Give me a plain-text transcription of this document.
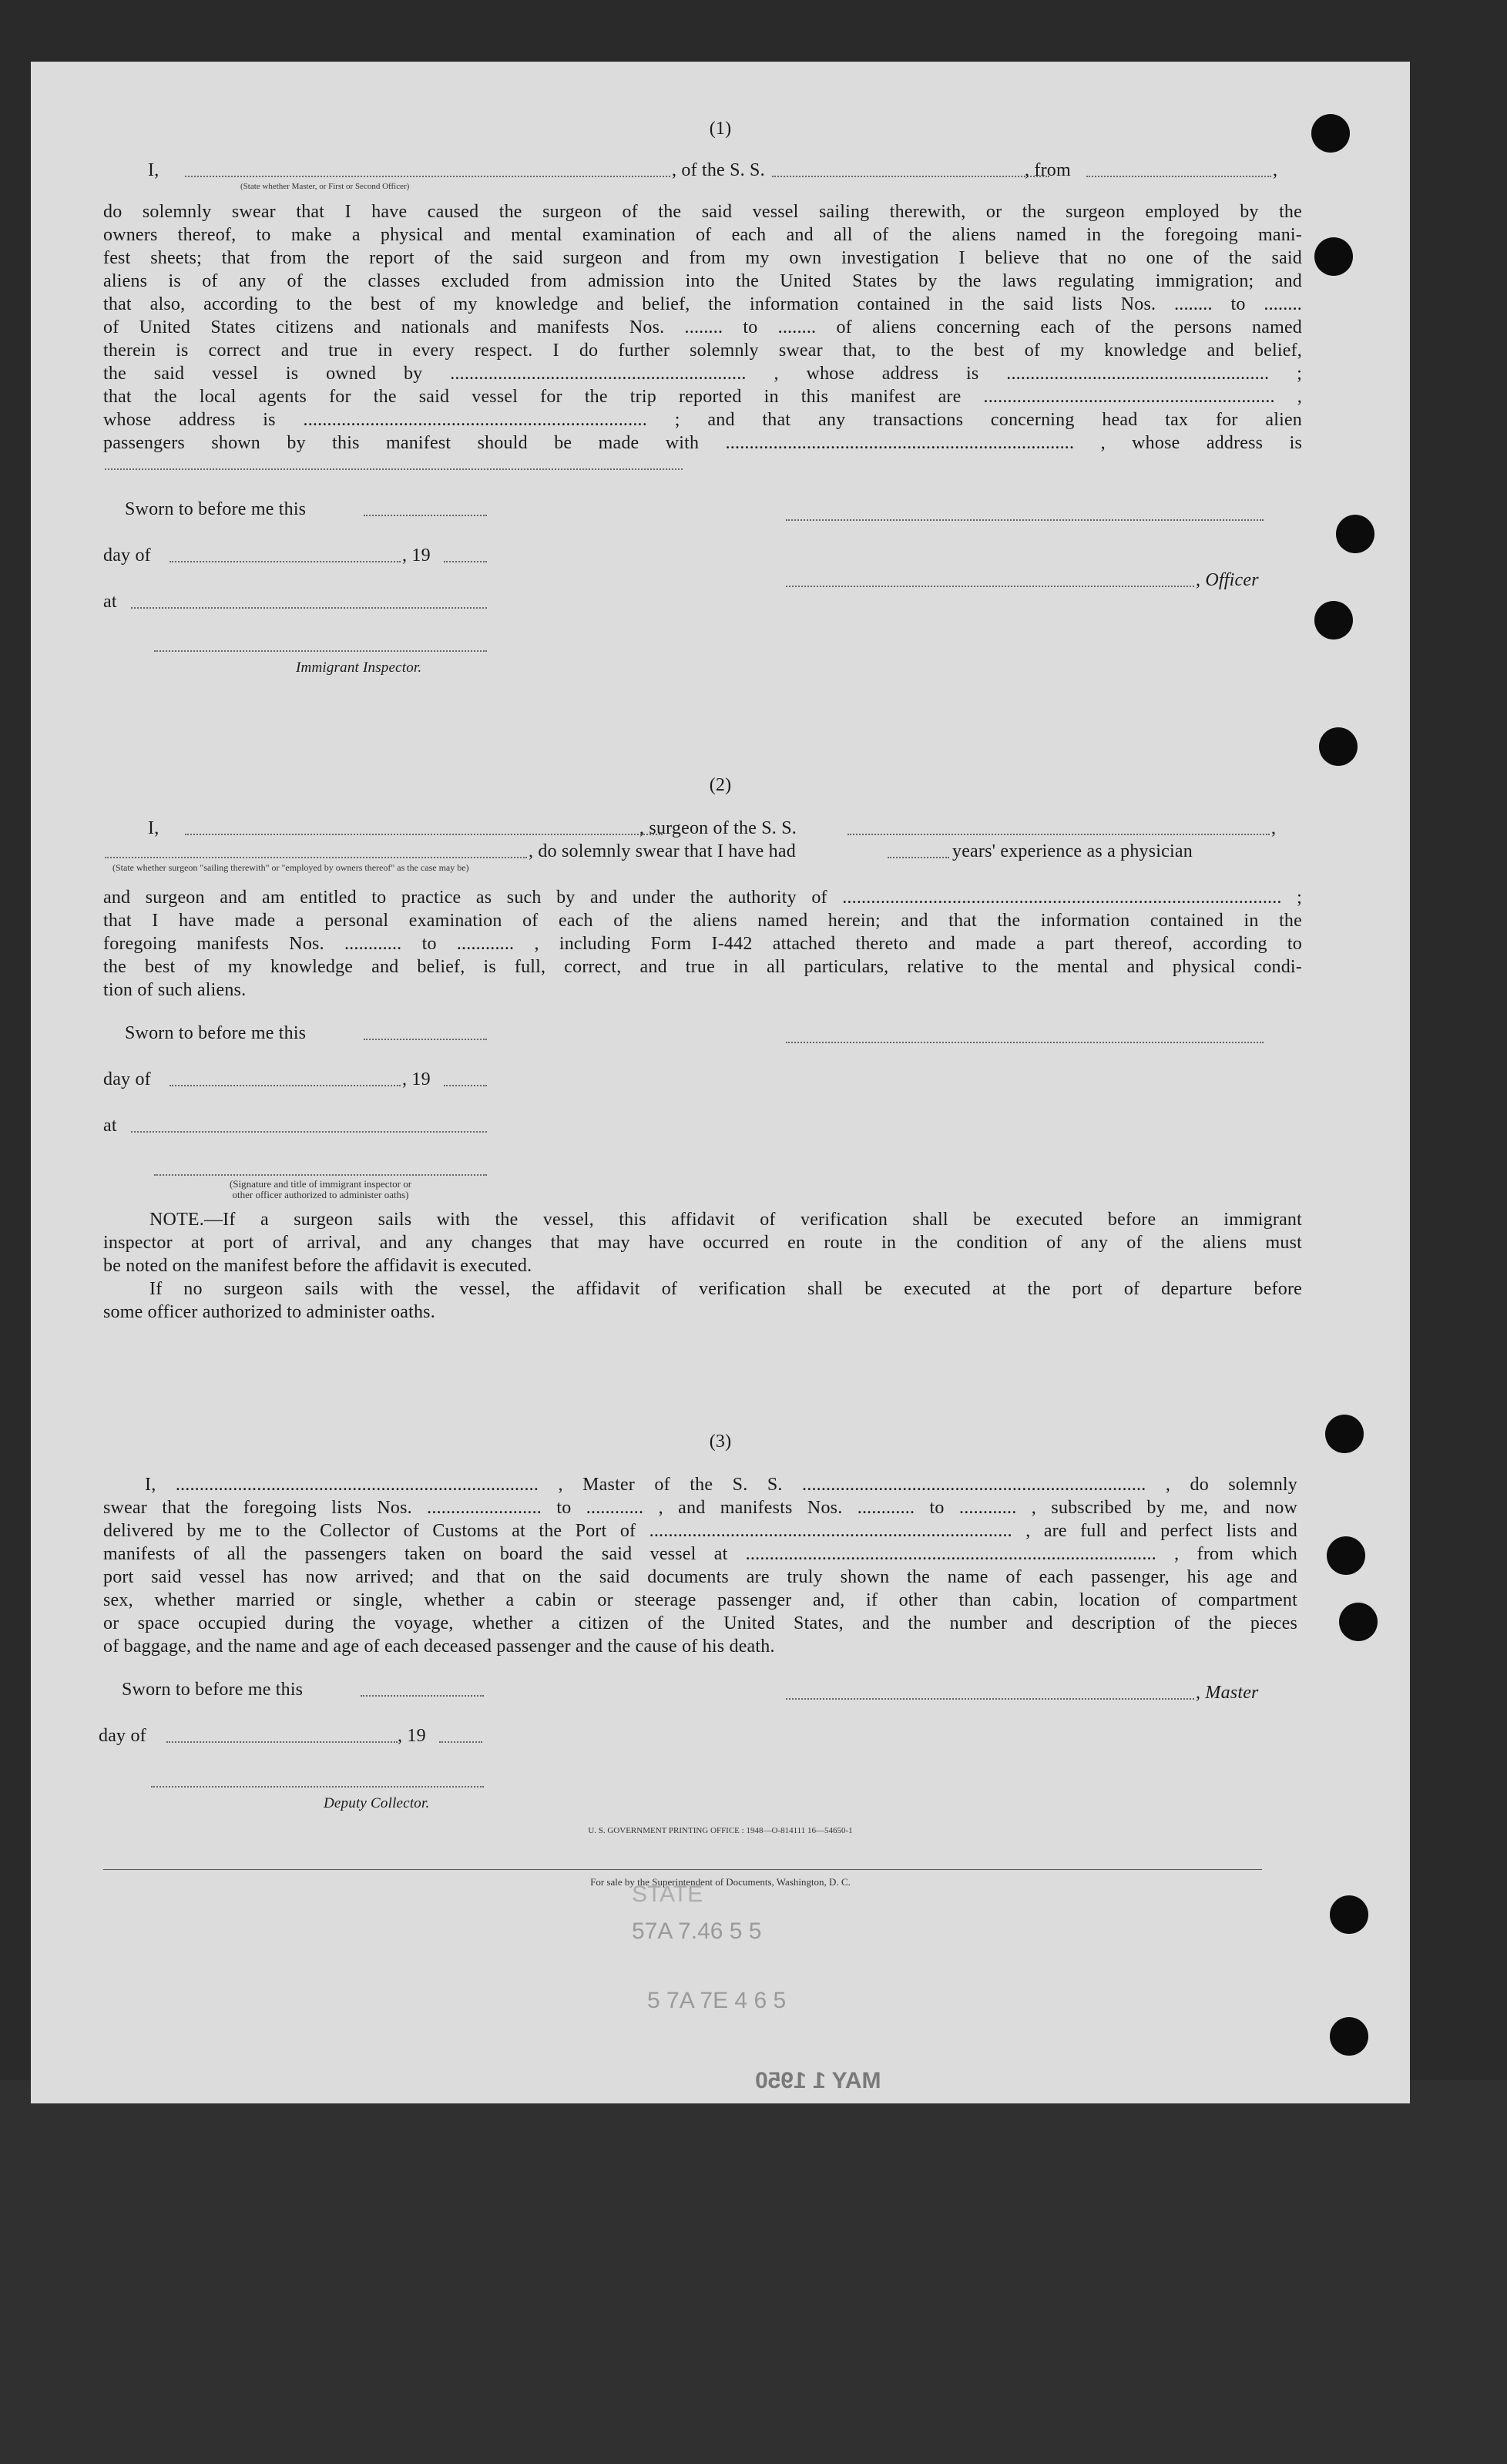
(1)
I,	, of the S. S.	, from	,
(State whether Master, or First or Second Officer)
do solemnly swear that I have caused the surgeon of the said vessel sailing therewith, or the surgeon employed by the
owners thereof, to make a physical and mental examination of each and all of the aliens named in the foregoing mani-
fest sheets; that from the report of the said surgeon and from my own investigation I believe that no one of the said
aliens is of any of the classes excluded from admission into the United States by the laws regulating immigration; and
that also, according to the best of my knowledge and belief, the information contained in the said lists Nos. ........ to ........
of United States citizens and nationals and manifests Nos. ........ to ........ of aliens concerning each of the persons named
therein is correct and true in every respect. I do further solemnly swear that, to the best of my knowledge and belief,
the said vessel is owned by .............................................................. , whose address is ....................................................... ;
that the local agents for the said vessel for the trip reported in this manifest are ............................................................. ,
whose address is ........................................................................ ; and that any transactions concerning head tax for alien
passengers shown by this manifest should be made with ......................................................................... , whose address is
Sworn to before me this
day of	, 19
, Officer
at
Immigrant Inspector.
(2)
I,	, surgeon of the S. S.	,
, do solemnly swear that I have had	years' experience as a physician
(State whether surgeon "sailing therewith" or "employed by owners thereof" as the case may be)
and surgeon and am entitled to practice as such by and under the authority of ............................................................................................ ;
that I have made a personal examination of each of the aliens named herein; and that the information contained in the
foregoing manifests Nos. ............ to ............ , including Form I-442 attached thereto and made a part thereof, according to
the best of my knowledge and belief, is full, correct, and true in all particulars, relative to the mental and physical condi-
tion of such aliens.
Sworn to before me this
day of	, 19
at
(Signature and title of immigrant inspector or
other officer authorized to administer oaths)
NOTE.—If a surgeon sails with the vessel, this affidavit of verification shall be executed before an immigrant
inspector at port of arrival, and any changes that may have occurred en route in the condition of any of the aliens must
be noted on the manifest before the affidavit is executed.
If no surgeon sails with the vessel, the affidavit of verification shall be executed at the port of departure before
some officer authorized to administer oaths.
(3)
I, ............................................................................ , Master of the S. S. ........................................................................ , do solemnly
swear that the foregoing lists Nos. ........................ to ............ , and manifests Nos. ............ to ............ , subscribed by me, and now
delivered by me to the Collector of Customs at the Port of ............................................................................ , are full and perfect lists and
manifests of all the passengers taken on board the said vessel at ...................................................................................... , from which
port said vessel has now arrived; and that on the said documents are truly shown the name of each passenger, his age and
sex, whether married or single, whether a cabin or steerage passenger and, if other than cabin, location of compartment
or space occupied during the voyage, whether a citizen of the United States, and the number and description of the pieces
of baggage, and the name and age of each deceased passenger and the cause of his death.
Sworn to before me this	, Master
day of	, 19
Deputy Collector.
U. S. GOVERNMENT PRINTING OFFICE : 1948—O-814111 16—54650-1
For sale by the Superintendent of Documents, Washington, D. C.
STATE
57A 7.46 5 5
5 7A 7E 4 6 5
MAY 1 1950
